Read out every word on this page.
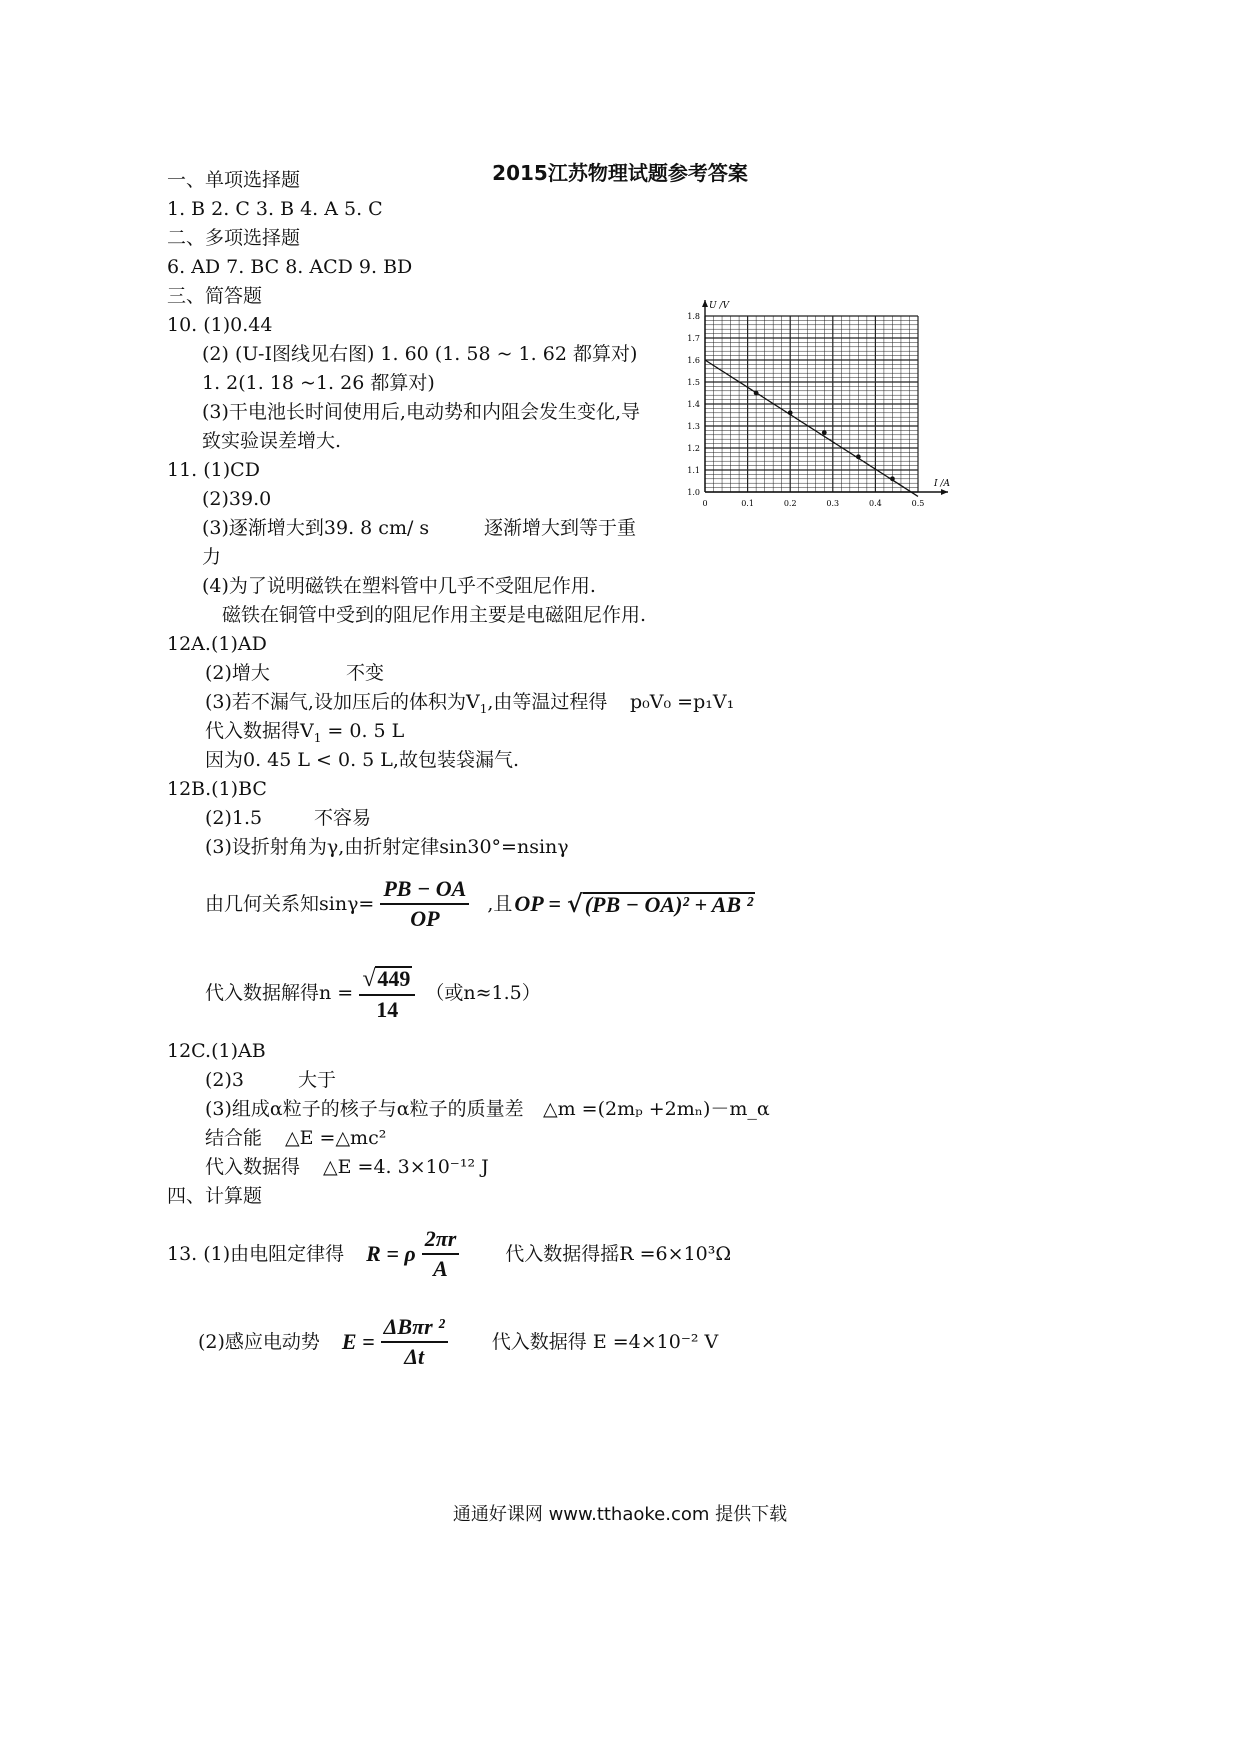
2015江苏物理试题参考答案
一、单项选择题
1. B 2. C 3. B 4. A 5. C
二、多项选择题
6. AD 7. BC 8. ACD 9. BD
三、简答题
10. (1)0.44
(2) (U-I图线见右图) 1. 60 (1. 58 ~ 1. 62 都算对)
1. 2(1. 18 ~1. 26 都算对)
(3)干电池长时间使用后,电动势和内阻会发生变化,导
致实验误差增大.
11. (1)CD
(2)39.0
(3)逐渐增大到39. 8 cm/ s	逐渐增大到等于重
力
(4)为了说明磁铁在塑料管中几乎不受阻尼作用.
磁铁在铜管中受到的阻尼作用主要是电磁阻尼作用.
12A.(1)AD
(2)增大	不变
(3)若不漏气,设加压后的体积为$V_1$,由等温过程得 p₀V₀ =p₁V₁
代入数据得$V_1 = 0$. 5 L
因为0. 45 L < 0. 5 L,故包装袋漏气.
12B.(1)BC
(2)1.5	不容易
(3)设折射角为γ,由折射定律sin30°=nsinγ
由几何关系知$\sin\gamma= \frac{PB - OA}{OP}$ ,且 OP = √ (PB − OA)² + AB ²
代入数据解得$n = \frac{√449}{14}$ （或n≈1.5）
12C.(1)AB
(2)3	大于
(3)组成α粒子的核子与α粒子的质量差 △m =(2mₚ +2mₙ)－m_α
结合能 △E =△mc²
代入数据得 △E =4. 3×10⁻¹² J
四、计算题
13. (1)由电阻定律得 R = ρ $\frac{2\pi r}{A}$ 代入数据得摇R =6×10³Ω
(2)感应电动势 $E = \frac{\text{ΔBπr ²}}{\Delta t}$ 代入数据得 E =4×10⁻² V
U /V
I /A
0	0.1	0.2	0.3	0.4	0.5
1.0
1.1
1.2
1.3
1.4
1.5
1.6
1.7
1.8
通通好课网 www.tthaoke.com 提供下载
